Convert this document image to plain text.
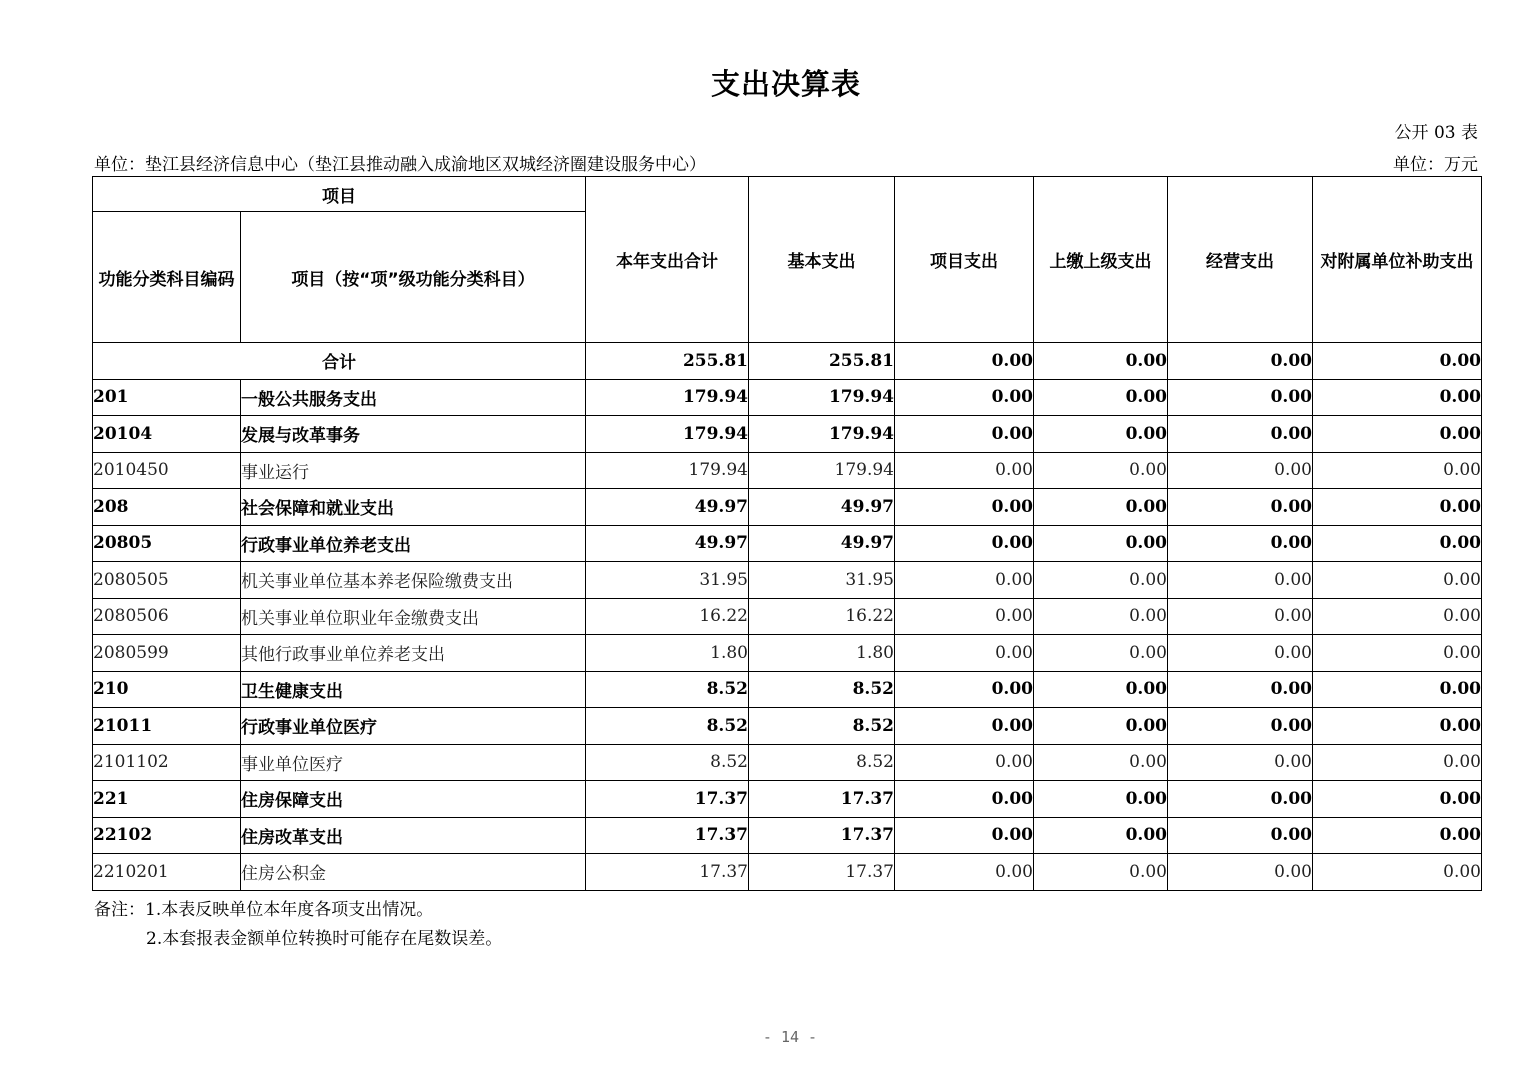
支出决算表
公开 03 表
单位：垫江县经济信息中心（垫江县推动融入成渝地区双城经济圈建设服务中心）	单位：万元
项目		本年支出合计	基本支出	项目支出	上缴上级支出	经营支出	对附属单位补助支出
功能分类科目编码	项目（按“项”级功能分类科目）						
合计		255.81	255.81	0.00	0.00	0.00	0.00
201	一般公共服务支出	179.94	179.94	0.00	0.00	0.00	0.00
20104	发展与改革事务	179.94	179.94	0.00	0.00	0.00	0.00
2010450	事业运行	179.94	179.94	0.00	0.00	0.00	0.00
208	社会保障和就业支出	49.97	49.97	0.00	0.00	0.00	0.00
20805	行政事业单位养老支出	49.97	49.97	0.00	0.00	0.00	0.00
2080505	机关事业单位基本养老保险缴费支出	31.95	31.95	0.00	0.00	0.00	0.00
2080506	机关事业单位职业年金缴费支出	16.22	16.22	0.00	0.00	0.00	0.00
2080599	其他行政事业单位养老支出	1.80	1.80	0.00	0.00	0.00	0.00
210	卫生健康支出	8.52	8.52	0.00	0.00	0.00	0.00
21011	行政事业单位医疗	8.52	8.52	0.00	0.00	0.00	0.00
2101102	事业单位医疗	8.52	8.52	0.00	0.00	0.00	0.00
221	住房保障支出	17.37	17.37	0.00	0.00	0.00	0.00
22102	住房改革支出	17.37	17.37	0.00	0.00	0.00	0.00
2210201	住房公积金	17.37	17.37	0.00	0.00	0.00	0.00
备注：1.本表反映单位本年度各项支出情况。
2.本套报表金额单位转换时可能存在尾数误差。
- 14 -
